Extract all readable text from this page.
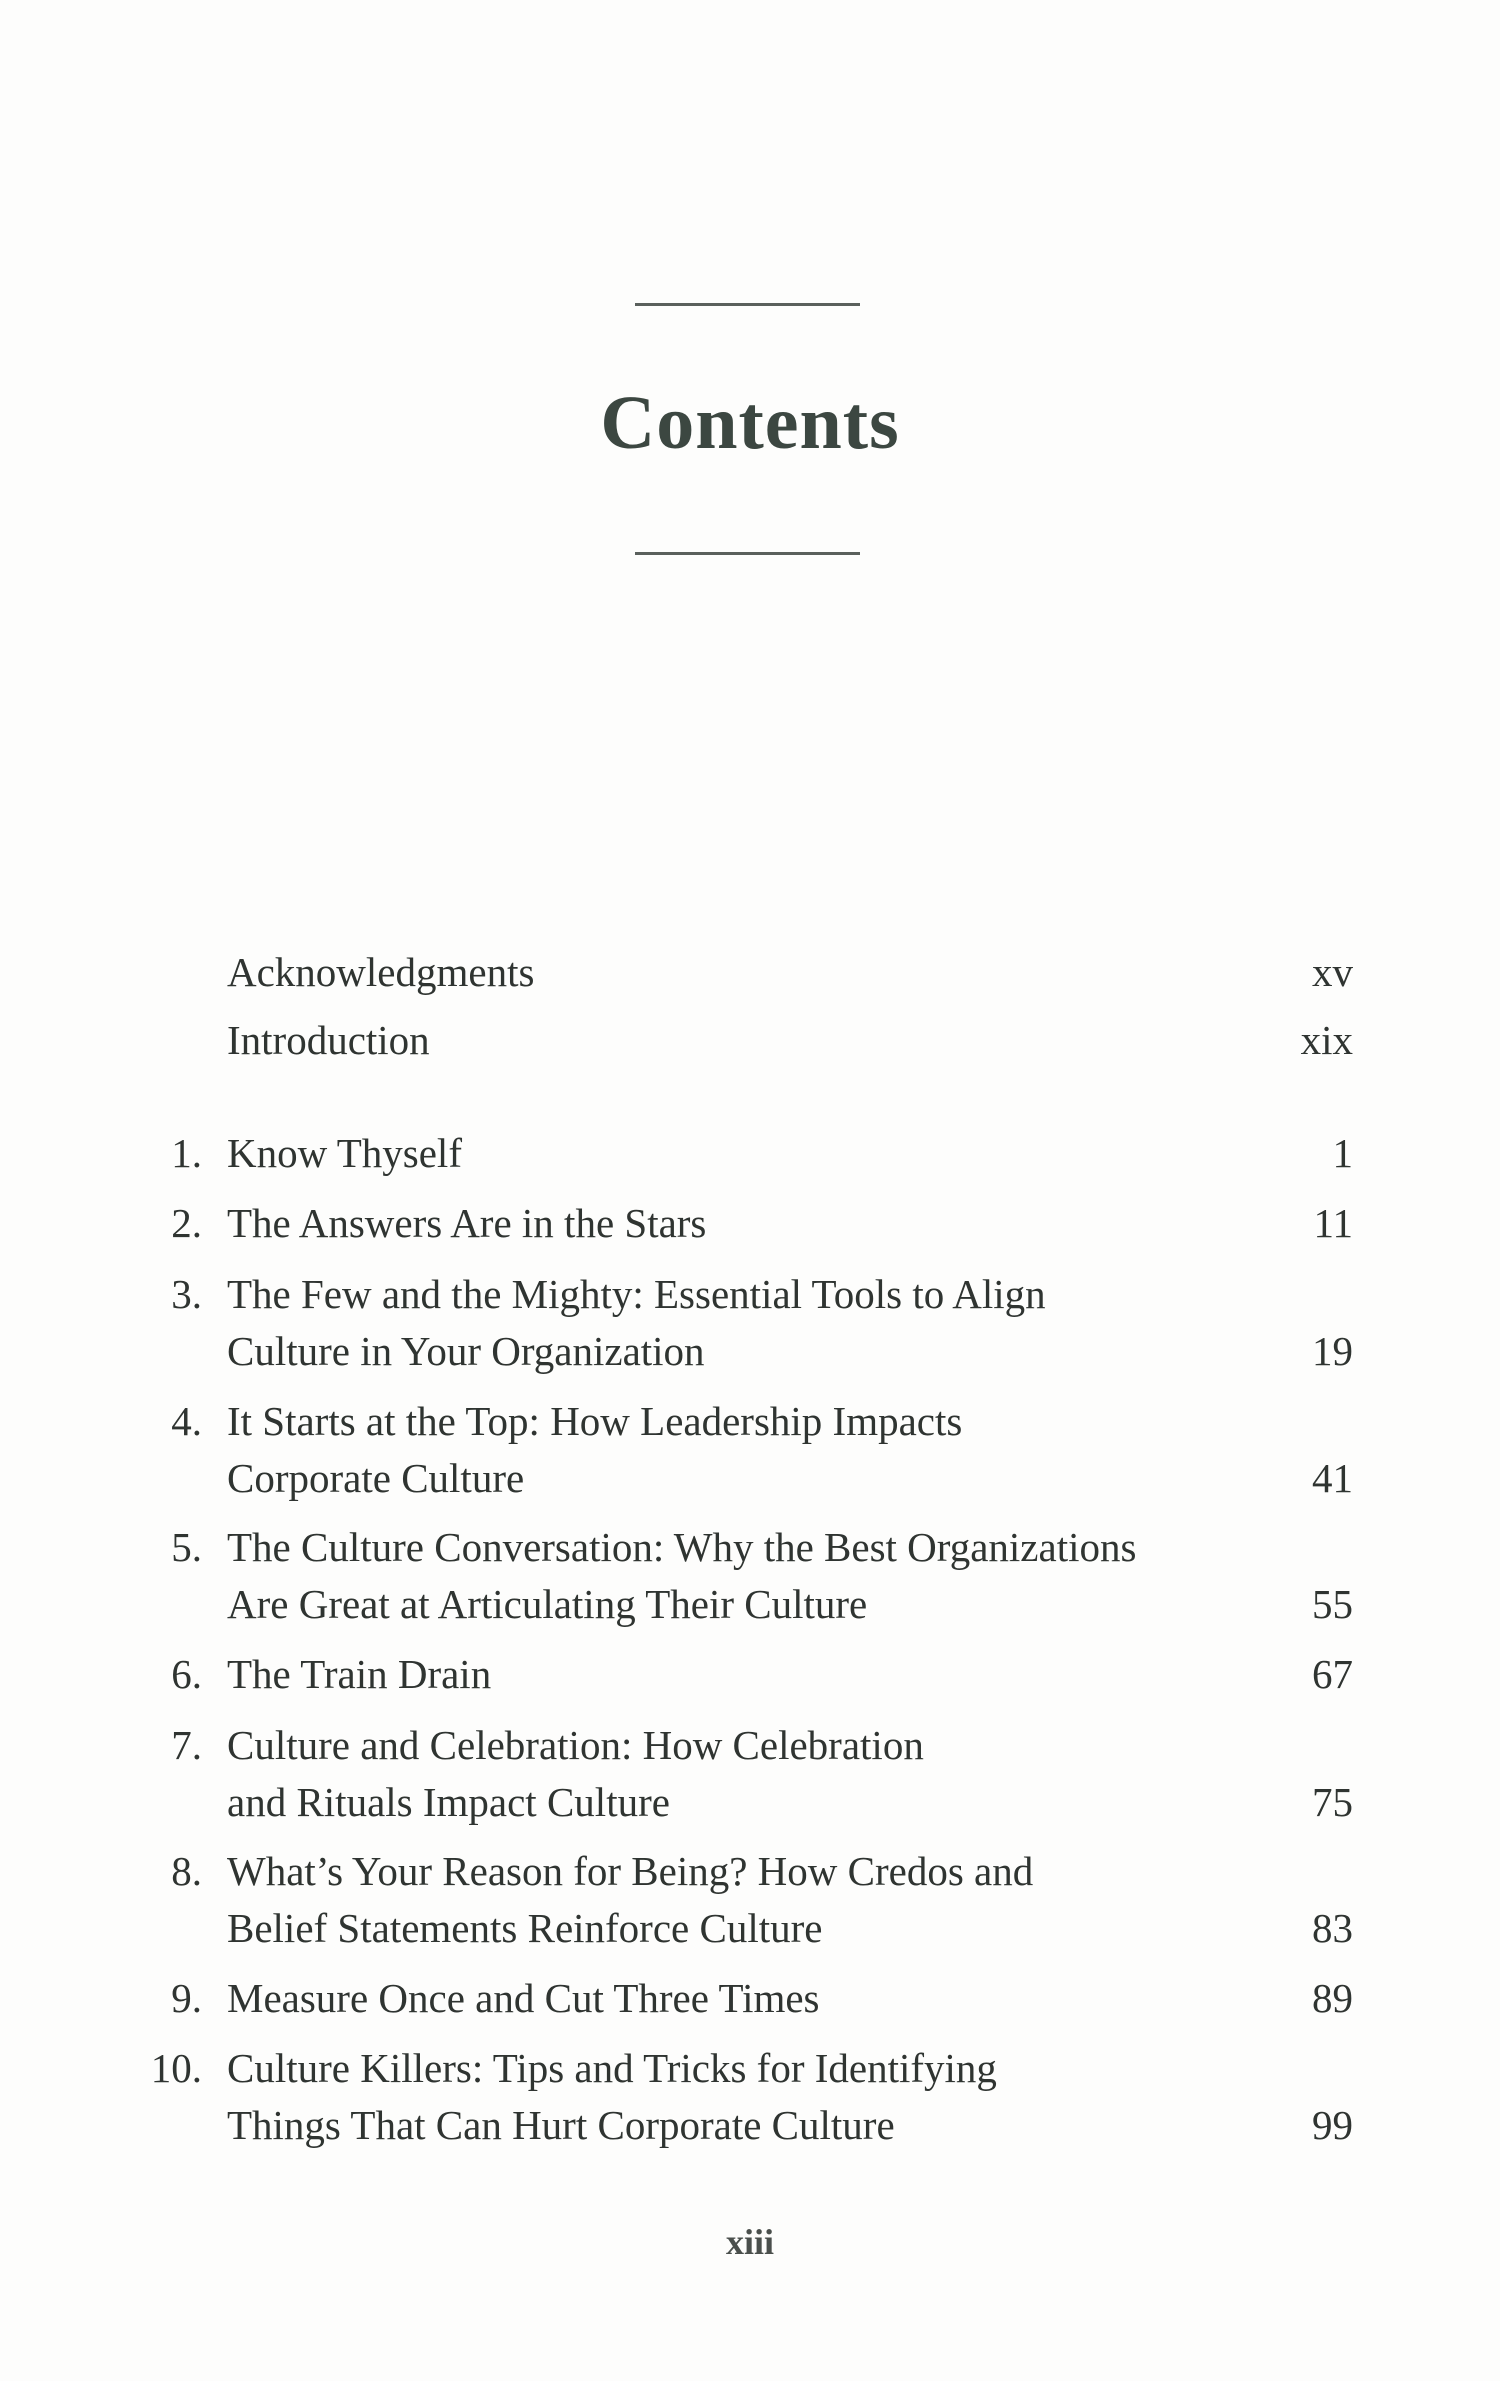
Contents
Acknowledgments	xv
Introduction	xix
1. Know Thyself	1
2. The Answers Are in the Stars	11
3. The Few and the Mighty: Essential Tools to Align
Culture in Your Organization	19
4. It Starts at the Top: How Leadership Impacts
Corporate Culture	41
5. The Culture Conversation: Why the Best Organizations
Are Great at Articulating Their Culture	55
6. The Train Drain	67
7. Culture and Celebration: How Celebration
and Rituals Impact Culture	75
8. What’s Your Reason for Being? How Credos and
Belief Statements Reinforce Culture	83
9. Measure Once and Cut Three Times	89
10. Culture Killers: Tips and Tricks for Identifying
Things That Can Hurt Corporate Culture	99
xiii
